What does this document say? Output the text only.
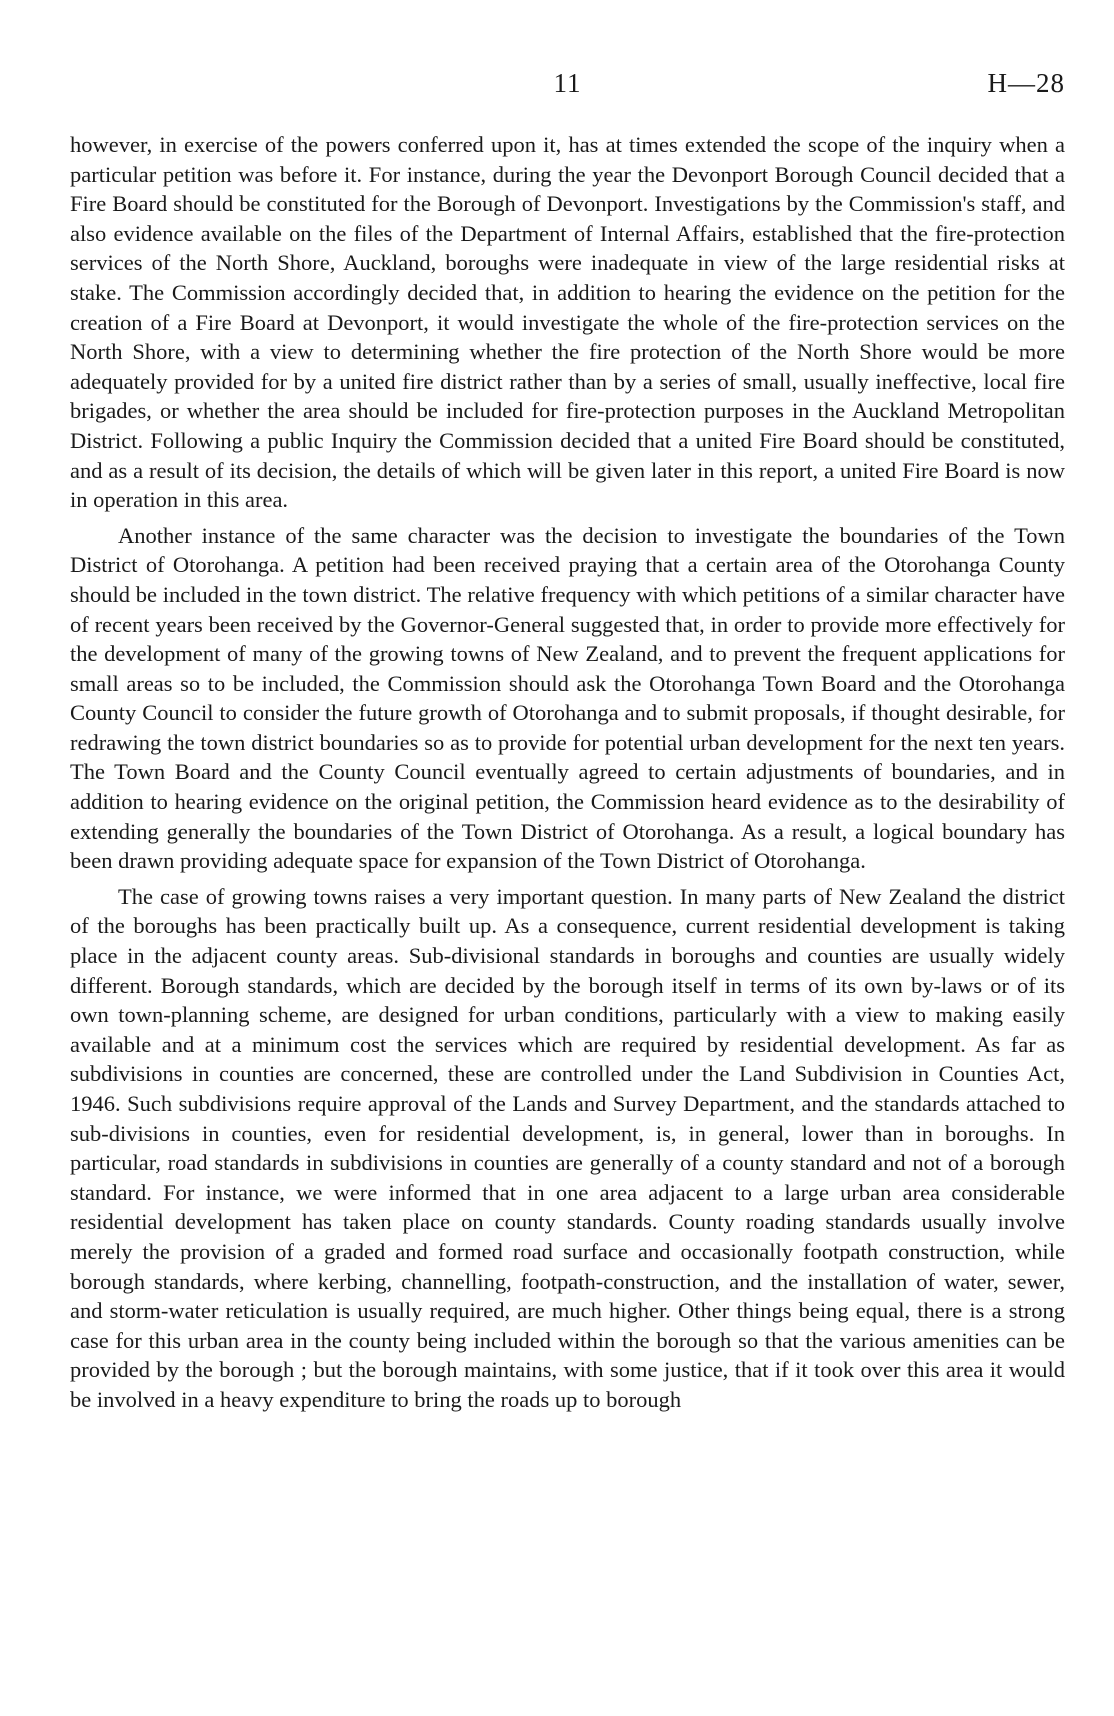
11	H—28

however, in exercise of the powers conferred upon it, has at times extended the scope of the inquiry when a particular petition was before it. For instance, during the year the Devonport Borough Council decided that a Fire Board should be constituted for the Borough of Devonport. Investigations by the Commission's staff, and also evidence available on the files of the Department of Internal Affairs, established that the fire-protection services of the North Shore, Auckland, boroughs were inadequate in view of the large residential risks at stake. The Commission accordingly decided that, in addition to hearing the evidence on the petition for the creation of a Fire Board at Devonport, it would investigate the whole of the fire-protection services on the North Shore, with a view to determining whether the fire protection of the North Shore would be more adequately provided for by a united fire district rather than by a series of small, usually ineffective, local fire brigades, or whether the area should be included for fire-protection purposes in the Auckland Metropolitan District. Following a public Inquiry the Commission decided that a united Fire Board should be constituted, and as a result of its decision, the details of which will be given later in this report, a united Fire Board is now in operation in this area.

Another instance of the same character was the decision to investigate the boundaries of the Town District of Otorohanga. A petition had been received praying that a certain area of the Otorohanga County should be included in the town district. The relative frequency with which petitions of a similar character have of recent years been received by the Governor-General suggested that, in order to provide more effectively for the development of many of the growing towns of New Zealand, and to prevent the frequent applications for small areas so to be included, the Commission should ask the Otorohanga Town Board and the Otorohanga County Council to consider the future growth of Otorohanga and to submit proposals, if thought desirable, for redrawing the town district boundaries so as to provide for potential urban development for the next ten years. The Town Board and the County Council eventually agreed to certain adjustments of boundaries, and in addition to hearing evidence on the original petition, the Commission heard evidence as to the desirability of extending generally the boundaries of the Town District of Otorohanga. As a result, a logical boundary has been drawn providing adequate space for expansion of the Town District of Otorohanga.

The case of growing towns raises a very important question. In many parts of New Zealand the district of the boroughs has been practically built up. As a consequence, current residential development is taking place in the adjacent county areas. Sub-divisional standards in boroughs and counties are usually widely different. Borough standards, which are decided by the borough itself in terms of its own by-laws or of its own town-planning scheme, are designed for urban conditions, particularly with a view to making easily available and at a minimum cost the services which are required by residential development. As far as subdivisions in counties are concerned, these are controlled under the Land Subdivision in Counties Act, 1946. Such subdivisions require approval of the Lands and Survey Department, and the standards attached to sub-divisions in counties, even for residential development, is, in general, lower than in boroughs. In particular, road standards in subdivisions in counties are generally of a county standard and not of a borough standard. For instance, we were informed that in one area adjacent to a large urban area considerable residential development has taken place on county standards. County roading standards usually involve merely the provision of a graded and formed road surface and occasionally footpath construction, while borough standards, where kerbing, channelling, footpath-construction, and the installation of water, sewer, and storm-water reticulation is usually required, are much higher. Other things being equal, there is a strong case for this urban area in the county being included within the borough so that the various amenities can be provided by the borough ; but the borough maintains, with some justice, that if it took over this area it would be involved in a heavy expenditure to bring the roads up to borough
